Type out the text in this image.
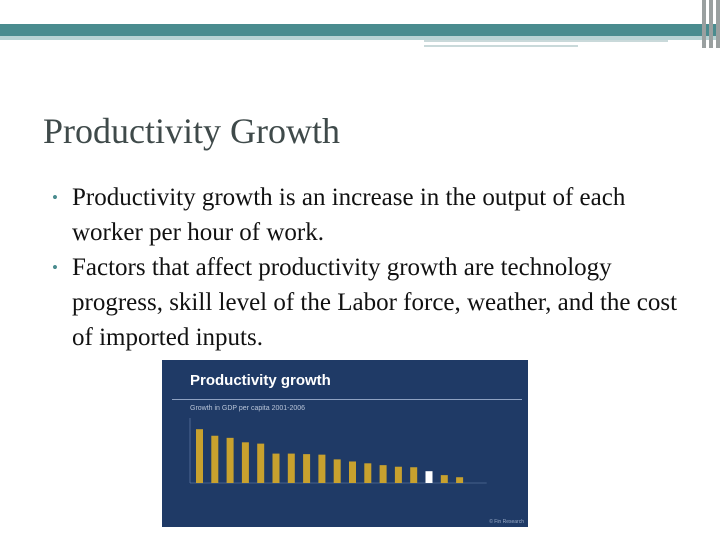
Productivity Growth
• Productivity growth is an increase in the output of each worker per hour of work.
• Factors that affect productivity growth are technology progress, skill level of the Labor force, weather, and the cost of imported inputs.
Productivity growth
Growth in GDP per capita 2001-2006
© Fin Research
